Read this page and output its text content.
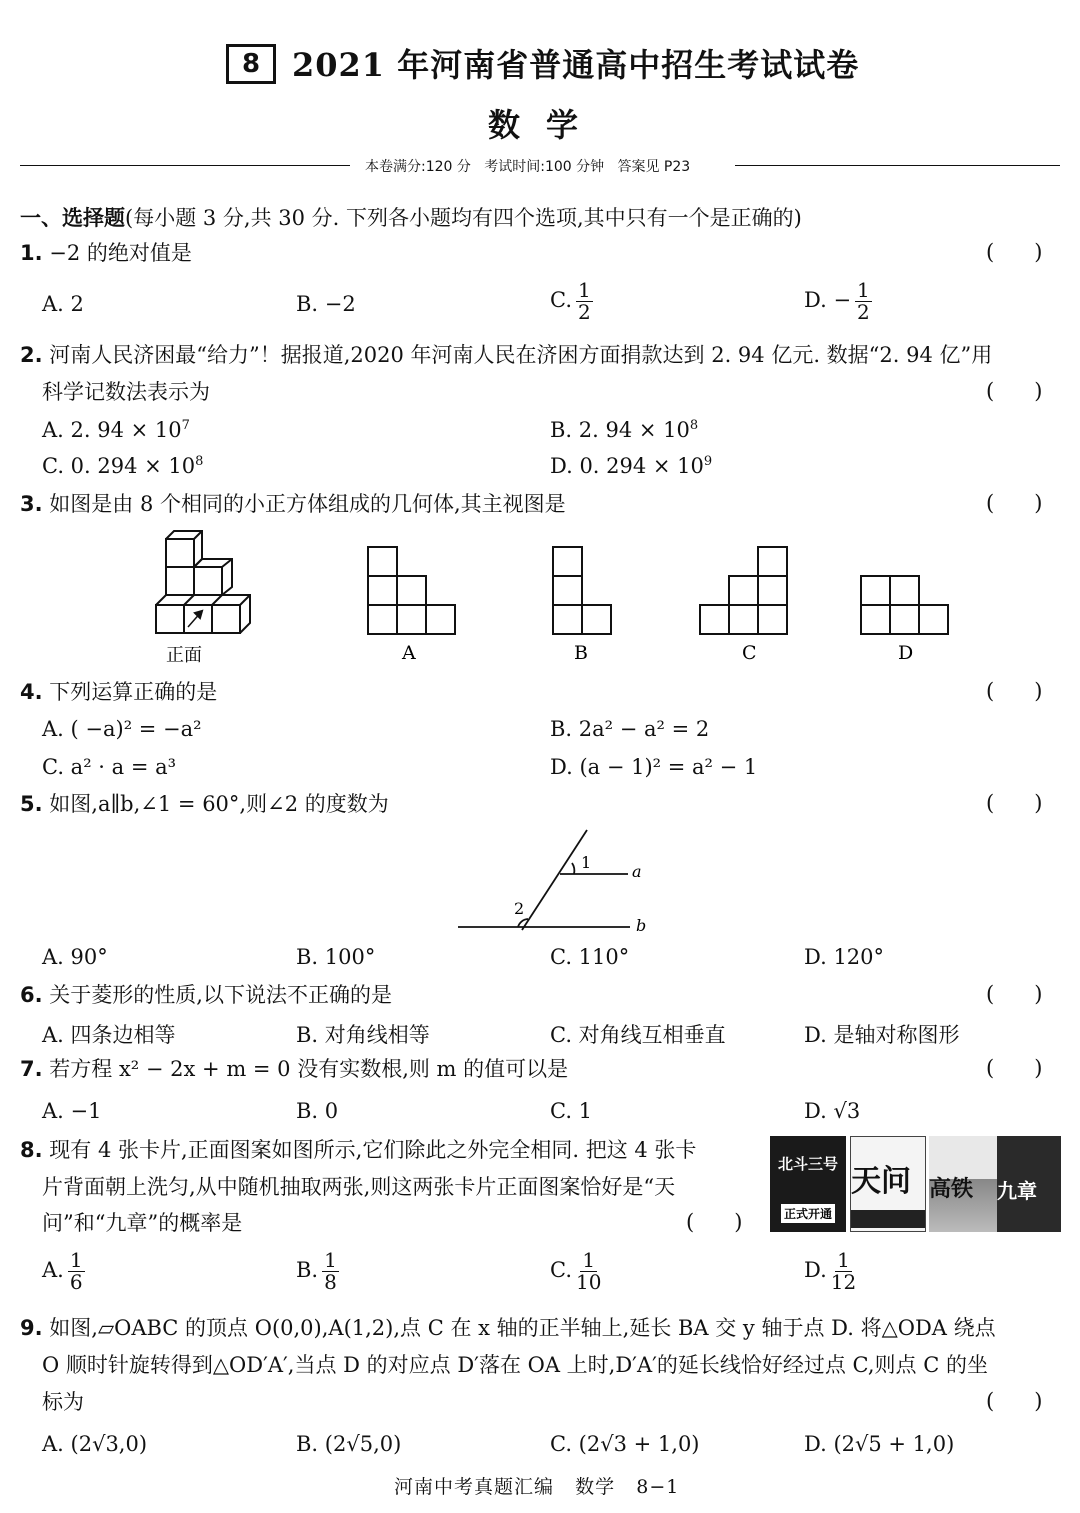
8 2021 年河南省普通高中招生考试试卷
数学
本卷满分:120 分   考试时间:100 分钟   答案见 P23
一、选择题(每小题 3 分,共 30 分. 下列各小题均有四个选项,其中只有一个是正确的)
1. −2 的绝对值是	(      )
A. 2	B. −2	C. $\frac{1}{2}$	D. − $\frac{1}{2}$
2. 河南人民济困最“给力”！据报道,2020 年河南人民在济困方面捐款达到 2. 94 亿元. 数据“2. 94 亿”用
科学记数法表示为	(      )
A. 2. $94 \times 10^7$	B. 2. $94 \times 10^8$
C. 0. $294 \times 10^8$	D. 0. $294 \times 10^9$
3. 如图是由 8 个相同的小正方体组成的几何体,其主视图是	(      )
正面	A	B	C	D
4. 下列运算正确的是	(      )
A. ( −a)² = −a²	B. 2a² − a² = 2
C. a² · a = a³	D. (a − 1)² = a² − 1
5. 如图,a∥b,∠1 = 60°,则∠2 的度数为	(      )
1
2
a
b
A. 90°	B. 100°	C. 110°	D. 120°
6. 关于菱形的性质,以下说法不正确的是	(      )
A. 四条边相等	B. 对角线相等	C. 对角线互相垂直	D. 是轴对称图形
7. 若方程 x² − 2x + m = 0 没有实数根,则 m 的值可以是	(      )
A. −1	B. 0	C. 1	D. √3
8. 现有 4 张卡片,正面图案如图所示,它们除此之外完全相同. 把这 4 张卡
片背面朝上洗匀,从中随机抽取两张,则这两张卡片正面图案恰好是“天
问”和“九章”的概率是	(      )
北斗三号
正式开通
天问 高铁 九章
A. $\frac{1}{6}$	B. $\frac{1}{8}$	C. $\frac{1}{10}$	D. $\frac{1}{12}$
9. 如图,▱OABC 的顶点 O(0,0),A(1,2),点 C 在 x 轴的正半轴上,延长 BA 交 y 轴于点 D. 将△ODA 绕点
O 顺时针旋转得到△OD′A′,当点 D 的对应点 D′落在 OA 上时,D′A′的延长线恰好经过点 C,则点 C 的坐
标为	(      )
A. (2√3,0)	B. (2√5,0)	C. (2√3 + 1,0)	D. (2√5 + 1,0)
河南中考真题汇编   数学   8−1
